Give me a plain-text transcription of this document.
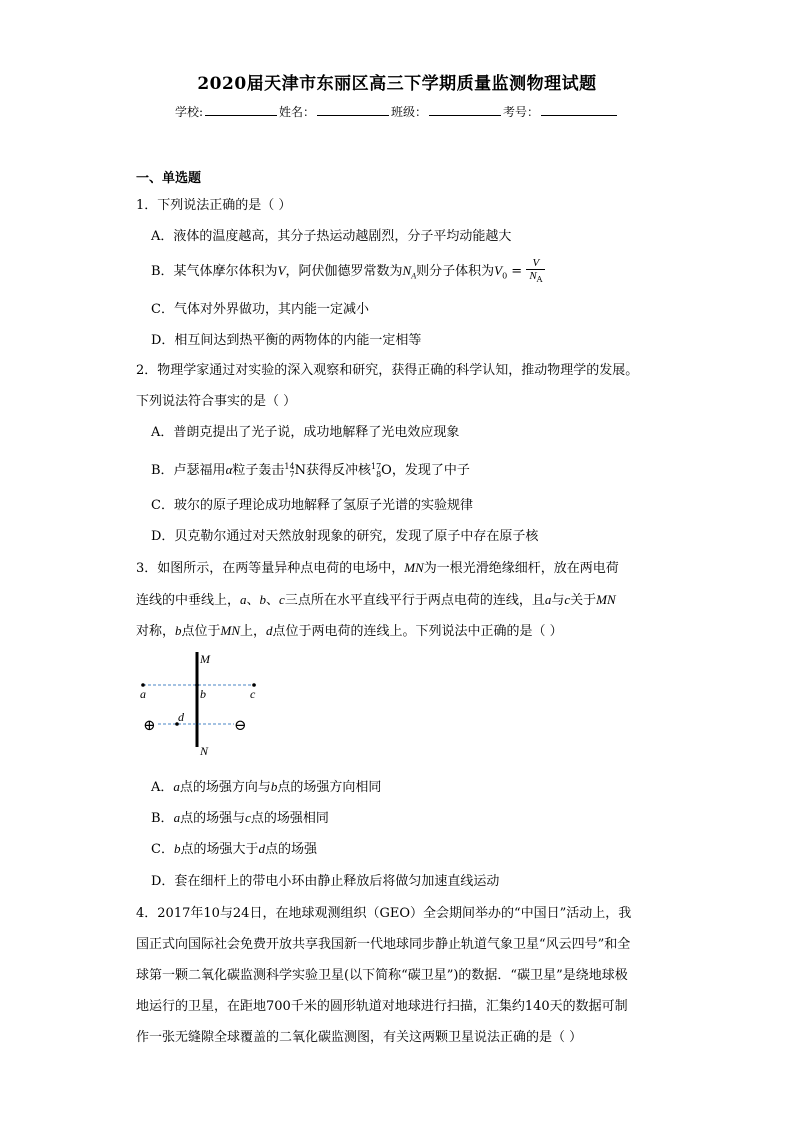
2020届天津市东丽区高三下学期质量监测物理试题
学校:	姓名：	班级：	考号：
一、单选题
1．下列说法正确的是（ ）
A．液体的温度越高，其分子热运动越剧烈，分子平均动能越大
B．某气体摩尔体积为V，阿伏伽德罗常数为$N_A$则分子体积为$V_0 = \frac{V}{N_A}$
C．气体对外界做功，其内能一定减小
D．相互间达到热平衡的两物体的内能一定相等
2．物理学家通过对实验的深入观察和研究，获得正确的科学认知，推动物理学的发展。
下列说法符合事实的是（ ）
A．普朗克提出了光子说，成功地解释了光电效应现象
B．卢瑟福用α粒子轰击 14
7 N获得反冲核 17
8 O，发现了中子
C．玻尔的原子理论成功地解释了氢原子光谱的实验规律
D．贝克勒尔通过对天然放射现象的研究，发现了原子中存在原子核
3．如图所示，在两等量异种点电荷的电场中，MN为一根光滑绝缘细杆，放在两电荷
连线的中垂线上，a、b、c三点所在水平直线平行于两点电荷的连线，且a与c关于MN
对称，b点位于MN上，d点位于两电荷的连线上。下列说法中正确的是（ ）
M
N
a	b	c
d
⊕	⊖
A．a点的场强方向与b点的场强方向相同
B．a点的场强与c点的场强相同
C．b点的场强大于d点的场强
D．套在细杆上的带电小环由静止释放后将做匀加速直线运动
4．2017年10与24日，在地球观测组织（GEO）全会期间举办的“中国日”活动上，我
国正式向国际社会免费开放共享我国新一代地球同步静止轨道气象卫星“风云四号”和全
球第一颗二氧化碳监测科学实验卫星(以下简称“碳卫星”)的数据．“碳卫星”是绕地球极
地运行的卫星，在距地700千米的圆形轨道对地球进行扫描，汇集约140天的数据可制
作一张无缝隙全球覆盖的二氧化碳监测图，有关这两颗卫星说法正确的是（ ）
